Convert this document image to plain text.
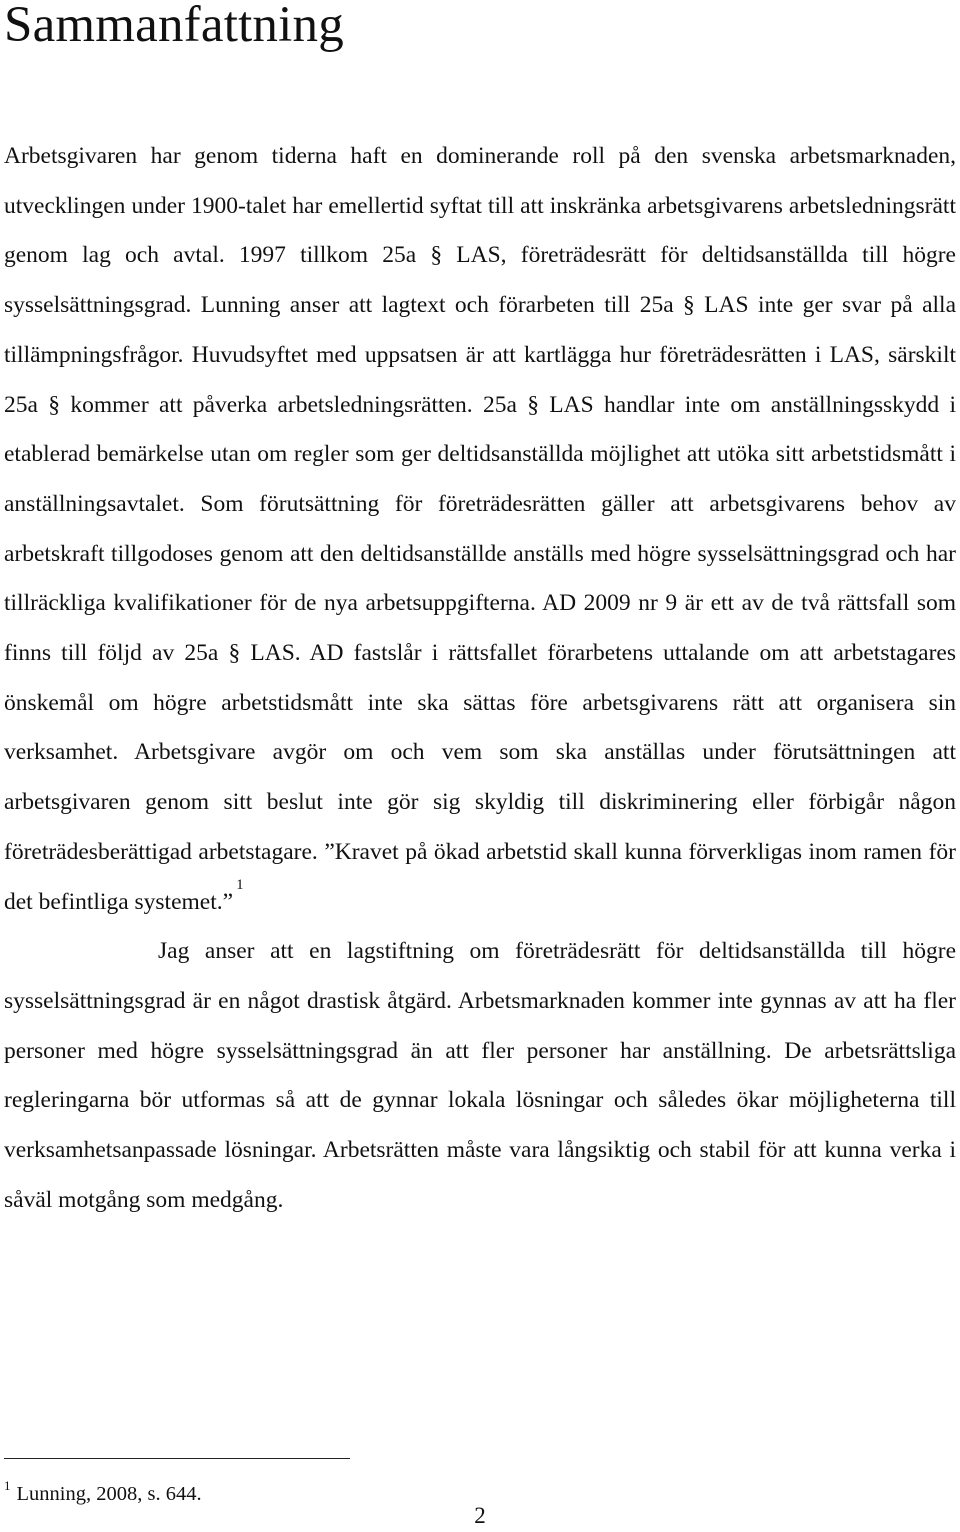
Sammanfattning

Arbetsgivaren har genom tiderna haft en dominerande roll på den svenska arbetsmarknaden, utvecklingen under 1900-talet har emellertid syftat till att inskränka arbetsgivarens arbetsledningsrätt genom lag och avtal. 1997 tillkom 25a § LAS, företrädesrätt för deltidsanställda till högre sysselsättningsgrad. Lunning anser att lagtext och förarbeten till 25a § LAS inte ger svar på alla tillämpningsfrågor. Huvudsyftet med uppsatsen är att kartlägga hur företrädesrätten i LAS, särskilt 25a § kommer att påverka arbetsledningsrätten. 25a § LAS handlar inte om anställningsskydd i etablerad bemärkelse utan om regler som ger deltidsanställda möjlighet att utöka sitt arbetstidsmått i anställningsavtalet. Som förutsättning för företrädesrätten gäller att arbetsgivarens behov av arbetskraft tillgodoses genom att den deltidsanställde anställs med högre sysselsättningsgrad och har tillräckliga kvalifikationer för de nya arbetsuppgifterna. AD 2009 nr 9 är ett av de två rättsfall som finns till följd av 25a § LAS. AD fastslår i rättsfallet förarbetens uttalande om att arbetstagares önskemål om högre arbetstidsmått inte ska sättas före arbetsgivarens rätt att organisera sin verksamhet. Arbetsgivare avgör om och vem som ska anställas under förutsättningen att arbetsgivaren genom sitt beslut inte gör sig skyldig till diskriminering eller förbigår någon företrädesberättigad arbetstagare. ”Kravet på ökad arbetstid skall kunna förverkligas inom ramen för det befintliga systemet.”$^1$

Jag anser att en lagstiftning om företrädesrätt för deltidsanställda till högre sysselsättningsgrad är en något drastisk åtgärd. Arbetsmarknaden kommer inte gynnas av att ha fler personer med högre sysselsättningsgrad än att fler personer har anställning. De arbetsrättsliga regleringarna bör utformas så att de gynnar lokala lösningar och således ökar möjligheterna till verksamhetsanpassade lösningar. Arbetsrätten måste vara långsiktig och stabil för att kunna verka i såväl motgång som medgång.

$^1$ Lunning, 2008, s. 644.

2
